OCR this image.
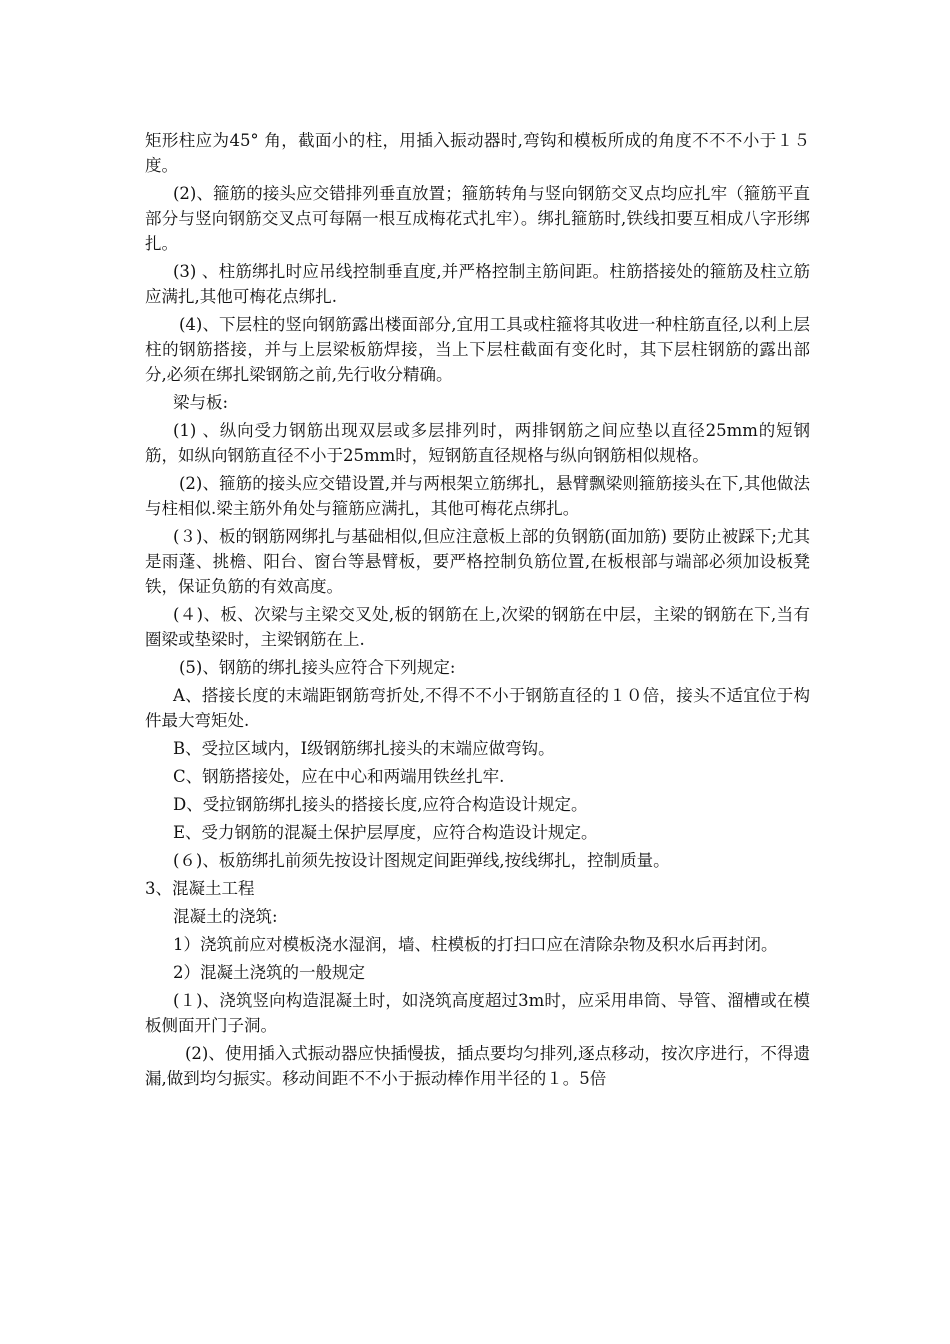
矩形柱应为45° 角，截面小的柱，用插入振动器时,弯钩和模板所成的角度不不不小于１５度。

(2)、箍筋的接头应交错排列垂直放置；箍筋转角与竖向钢筋交叉点均应扎牢（箍筋平直部分与竖向钢筋交叉点可每隔一根互成梅花式扎牢）。绑扎箍筋时,铁线扣要互相成八字形绑扎。

(3) 、柱筋绑扎时应吊线控制垂直度,并严格控制主筋间距。柱筋搭接处的箍筋及柱立筋应满扎,其他可梅花点绑扎.

(4)、下层柱的竖向钢筋露出楼面部分,宜用工具或柱箍将其收进一种柱筋直径,以利上层柱的钢筋搭接，并与上层梁板筋焊接，当上下层柱截面有变化时，其下层柱钢筋的露出部分,必须在绑扎梁钢筋之前,先行收分精确。

梁与板:

(1) 、纵向受力钢筋出现双层或多层排列时，两排钢筋之间应垫以直径25mm的短钢筋，如纵向钢筋直径不小于25mm时，短钢筋直径规格与纵向钢筋相似规格。

(2)、箍筋的接头应交错设置,并与两根架立筋绑扎，悬臂飘梁则箍筋接头在下,其他做法与柱相似.梁主筋外角处与箍筋应满扎，其他可梅花点绑扎。

(３)、板的钢筋网绑扎与基础相似,但应注意板上部的负钢筋(面加筋) 要防止被踩下;尤其是雨蓬、挑檐、阳台、窗台等悬臂板，要严格控制负筋位置,在板根部与端部必须加设板凳铁，保证负筋的有效高度。

(４)、板、次梁与主梁交叉处,板的钢筋在上,次梁的钢筋在中层，主梁的钢筋在下,当有圈梁或垫梁时，主梁钢筋在上.

(5)、钢筋的绑扎接头应符合下列规定:

A、搭接长度的末端距钢筋弯折处,不得不不小于钢筋直径的１０倍，接头不适宜位于构件最大弯矩处.

B、受拉区域内，Ⅰ级钢筋绑扎接头的末端应做弯钩。

C、钢筋搭接处，应在中心和两端用铁丝扎牢.

D、受拉钢筋绑扎接头的搭接长度,应符合构造设计规定。

E、受力钢筋的混凝土保护层厚度，应符合构造设计规定。

(６)、板筋绑扎前须先按设计图规定间距弹线,按线绑扎，控制质量。

3、混凝土工程

混凝土的浇筑:

1）浇筑前应对模板浇水湿润，墙、柱模板的打扫口应在清除杂物及积水后再封闭。

2）混凝土浇筑的一般规定

(１)、浇筑竖向构造混凝土时，如浇筑高度超过3m时，应采用串筒、导管、溜槽或在模板侧面开门子洞。

(2)、使用插入式振动器应快插慢拔，插点要均匀排列,逐点移动，按次序进行，不得遗漏,做到均匀振实。移动间距不不小于振动棒作用半径的１。5倍
